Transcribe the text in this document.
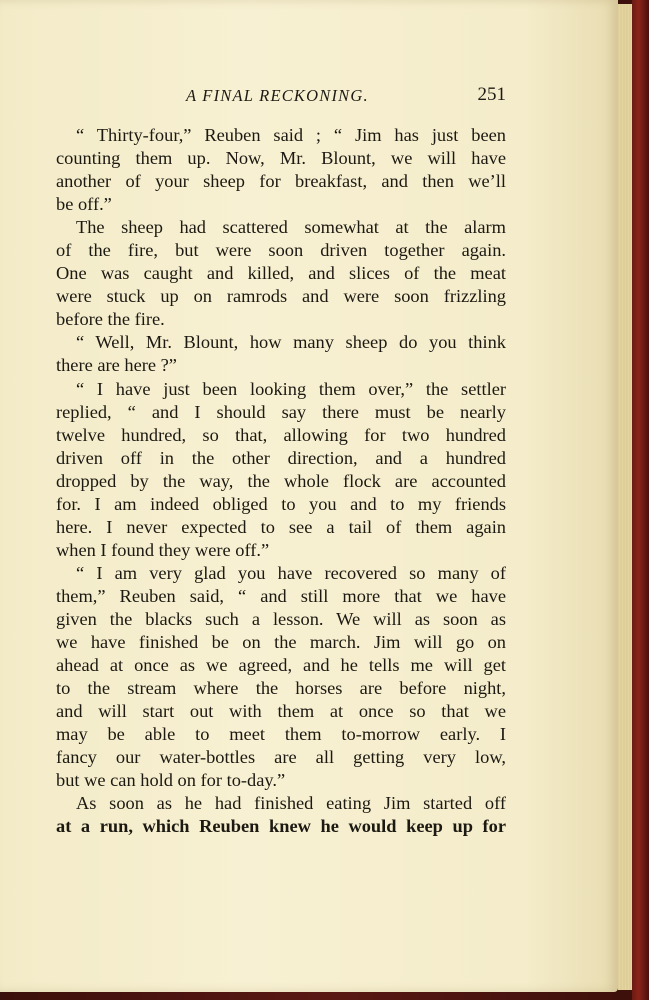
A FINAL RECKONING.	251
“ Thirty-four,” Reuben said ; “ Jim has just been
counting them up. Now, Mr. Blount, we will have
another of your sheep for breakfast, and then we’ll
be off.”
The sheep had scattered somewhat at the alarm
of the fire, but were soon driven together again.
One was caught and killed, and slices of the meat
were stuck up on ramrods and were soon frizzling
before the fire.
“ Well, Mr. Blount, how many sheep do you think
there are here ?”
“ I have just been looking them over,” the settler
replied, “ and I should say there must be nearly
twelve hundred, so that, allowing for two hundred
driven off in the other direction, and a hundred
dropped by the way, the whole flock are accounted
for. I am indeed obliged to you and to my friends
here. I never expected to see a tail of them again
when I found they were off.”
“ I am very glad you have recovered so many of
them,” Reuben said, “ and still more that we have
given the blacks such a lesson. We will as soon as
we have finished be on the march. Jim will go on
ahead at once as we agreed, and he tells me will get
to the stream where the horses are before night,
and will start out with them at once so that we
may be able to meet them to-morrow early. I
fancy our water-bottles are all getting very low,
but we can hold on for to-day.”
As soon as he had finished eating Jim started off
at a run, which Reuben knew he would keep up for
